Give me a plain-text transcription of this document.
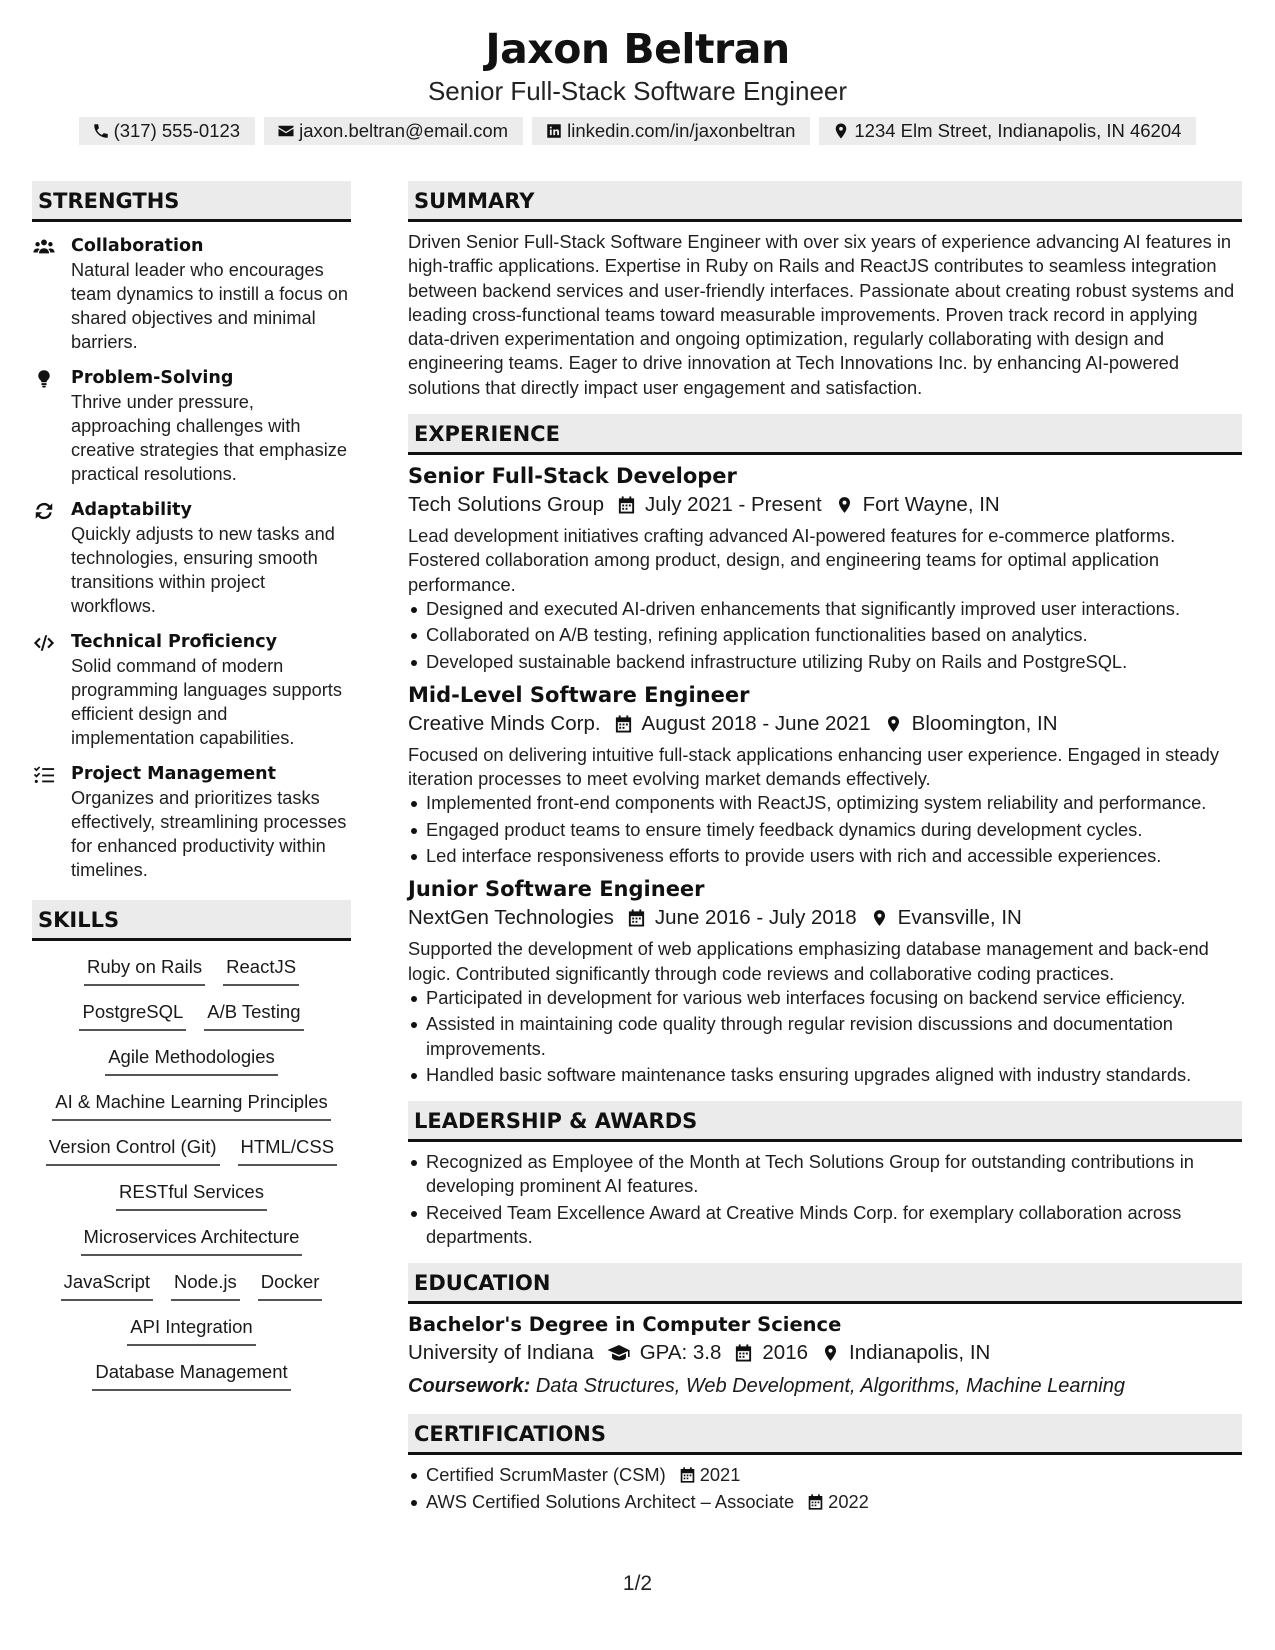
Jaxon Beltran
Senior Full-Stack Software Engineer
(317) 555-0123	jaxon.beltran@email.com	linkedin.com/in/jaxonbeltran	1234 Elm Street, Indianapolis, IN 46204
STRENGTHS
Collaboration
Natural leader who encourages team dynamics to instill a focus on shared objectives and minimal barriers.
Problem-Solving
Thrive under pressure, approaching challenges with creative strategies that emphasize practical resolutions.
Adaptability
Quickly adjusts to new tasks and technologies, ensuring smooth transitions within project workflows.
Technical Proficiency
Solid command of modern programming languages supports efficient design and implementation capabilities.
Project Management
Organizes and prioritizes tasks effectively, streamlining processes for enhanced productivity within timelines.
SKILLS
Ruby on Rails ReactJS
PostgreSQL A/B Testing
Agile Methodologies
AI & Machine Learning Principles
Version Control (Git) HTML/CSS
RESTful Services
Microservices Architecture
JavaScript Node.js Docker
API Integration
Database Management
SUMMARY

Driven Senior Full-Stack Software Engineer with over six years of experience advancing AI features in high-traffic applications. Expertise in Ruby on Rails and ReactJS contributes to seamless integration between backend services and user-friendly interfaces. Passionate about creating robust systems and leading cross-functional teams toward measurable improvements. Proven track record in applying data-driven experimentation and ongoing optimization, regularly collaborating with design and engineering teams. Eager to drive innovation at Tech Innovations Inc. by enhancing AI-powered solutions that directly impact user engagement and satisfaction.

EXPERIENCE
Senior Full-Stack Developer
Tech Solutions Group July 2021 - Present Fort Wayne, IN

Lead development initiatives crafting advanced AI-powered features for e-commerce platforms. Fostered collaboration among product, design, and engineering teams for optimal application performance.

Designed and executed AI-driven enhancements that significantly improved user interactions.
Collaborated on A/B testing, refining application functionalities based on analytics.
Developed sustainable backend infrastructure utilizing Ruby on Rails and PostgreSQL.
Mid-Level Software Engineer
Creative Minds Corp. August 2018 - June 2021 Bloomington, IN

Focused on delivering intuitive full-stack applications enhancing user experience. Engaged in steady iteration processes to meet evolving market demands effectively.

Implemented front-end components with ReactJS, optimizing system reliability and performance.
Engaged product teams to ensure timely feedback dynamics during development cycles.
Led interface responsiveness efforts to provide users with rich and accessible experiences.
Junior Software Engineer
NextGen Technologies June 2016 - July 2018 Evansville, IN

Supported the development of web applications emphasizing database management and back-end logic. Contributed significantly through code reviews and collaborative coding practices.

Participated in development for various web interfaces focusing on backend service efficiency.
Assisted in maintaining code quality through regular revision discussions and documentation improvements.
Handled basic software maintenance tasks ensuring upgrades aligned with industry standards.
LEADERSHIP & AWARDS
Recognized as Employee of the Month at Tech Solutions Group for outstanding contributions in developing prominent AI features.
Received Team Excellence Award at Creative Minds Corp. for exemplary collaboration across departments.
EDUCATION
Bachelor's Degree in Computer Science
University of Indiana GPA: 3.8 2016 Indianapolis, IN
Coursework: Data Structures, Web Development, Algorithms, Machine Learning
CERTIFICATIONS
Certified ScrumMaster (CSM) 2021
AWS Certified Solutions Architect – Associate 2022
1/2
